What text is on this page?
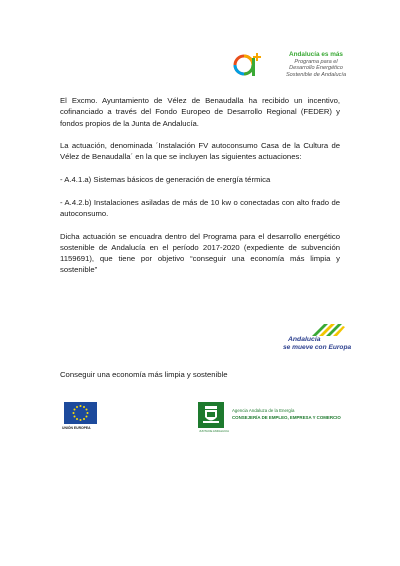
Andalucía es más
Programa para el
Desarrollo Energético
Sostenible de Andalucía

El Excmo. Ayuntamiento de Vélez de Benaudalla ha recibido un incentivo, cofinanciado a través del Fondo Europeo de Desarrollo Regional (FEDER) y fondos propios de la Junta de Andalucía.

La actuación, denominada ´Instalación FV autoconsumo Casa de la Cultura de Vélez de Benaudalla´ en la que se incluyen las siguientes actuaciones:

- A.4.1.a) Sistemas básicos de generación de energía térmica

- A.4.2.b) Instalaciones asiladas de más de 10 kw o conectadas con alto frado de autoconsumo.

Dicha actuación se encuadra dentro del Programa para el desarrollo energético sostenible de Andalucía en el período 2017-2020 (expediente de subvención 1159691), que tiene por objetivo “conseguir una economía más limpia y sostenible”

Andalucía
se mueve con Europa
Conseguir una economía más limpia y sostenible
UNIÓN EUROPEA
JUNTA DE ANDALUCIA
Agencia Andaluza de la Energía
CONSEJERÍA DE EMPLEO, EMPRESA Y COMERCIO
